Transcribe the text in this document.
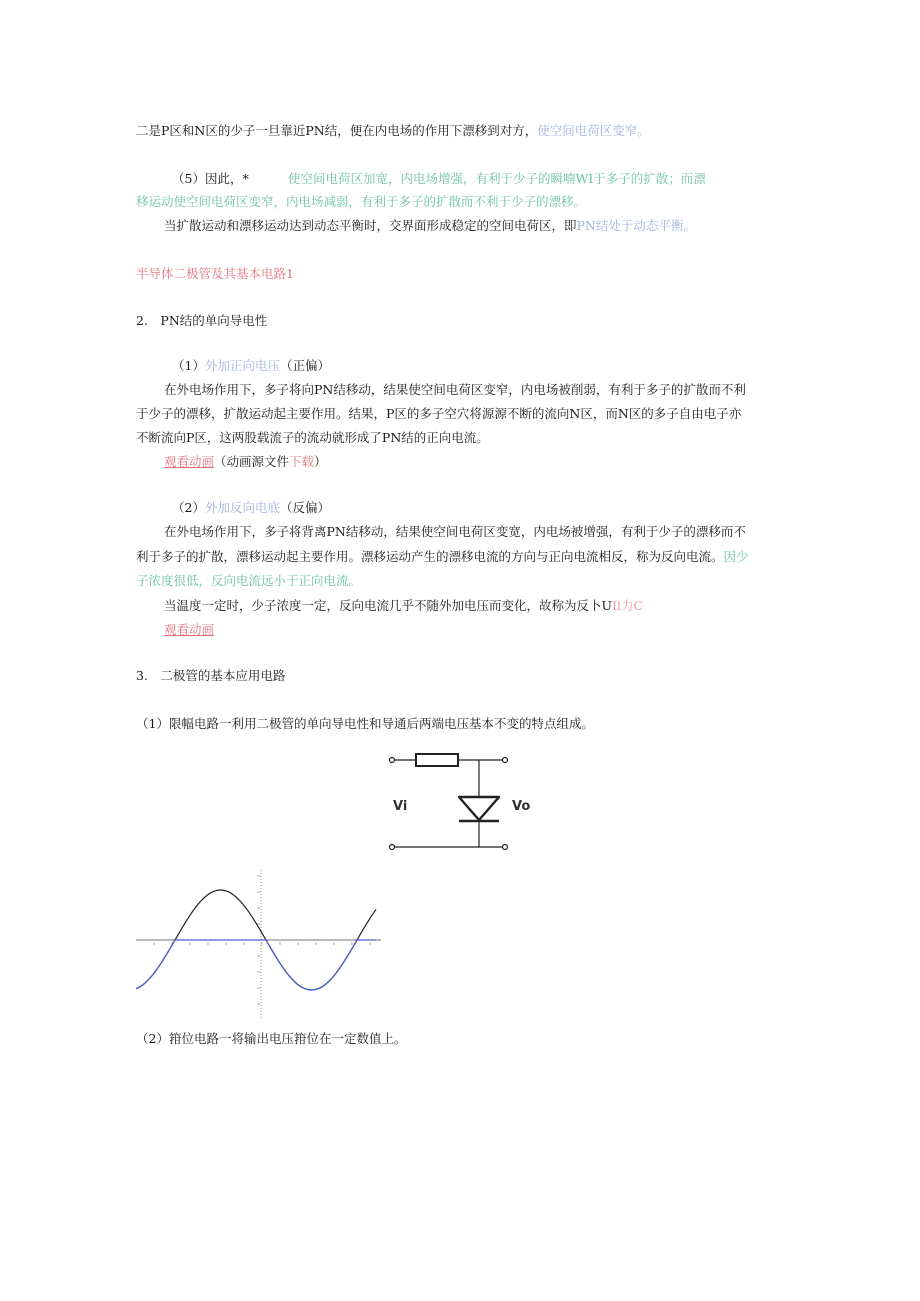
二是P区和N区的少子一旦靠近PN结，便在内电场的作用下漂移到对方，使空间电荷区变窄。
（5）因此，*	使空间电荷区加宽，内电场增强，有利于少子的瞬喃WI于多子的扩散；而漂
移运动使空间电荷区变窄，内电场减弱，有利于多子的扩散而不利于少子的漂移。
当扩散运动和漂移运动达到动态平衡时，交界面形成稳定的空间电荷区，即PN结处于动态平衡。
半导体二极管及其基本电路1
2.　PN结的单向导电性
（1）外加正向电压（正偏）
在外电场作用下，多子将向PN结移动，结果使空间电荷区变窄，内电场被削弱，有利于多子的扩散而不利
于少子的漂移，扩散运动起主要作用。结果，P区的多子空穴将源源不断的流向N区，而N区的多子自由电子亦
不断流向P区，这两股载流子的流动就形成了PN结的正向电流。
观看动画（动画源文件下载）
（2）外加反向电底（反偏）
在外电场作用下，多子将背离PN结移动，结果使空间电荷区变宽，内电场被增强，有利于少子的漂移而不
利于多子的扩散，漂移运动起主要作用。漂移运动产生的漂移电流的方向与正向电流相反，称为反向电流。因少
子浓度很低，反向电流远小于正向电流。
当温度一定时，少子浓度一定，反向电流几乎不随外加电压而变化，故称为反卜UIl力C
观看动画
3.　二极管的基本应用电路
（1）限幅电路一利用二极管的单向导电性和导通后两端电压基本不变的特点组成。
Vi	Vo
（2）箝位电路一将输出电压箝位在一定数值上。
